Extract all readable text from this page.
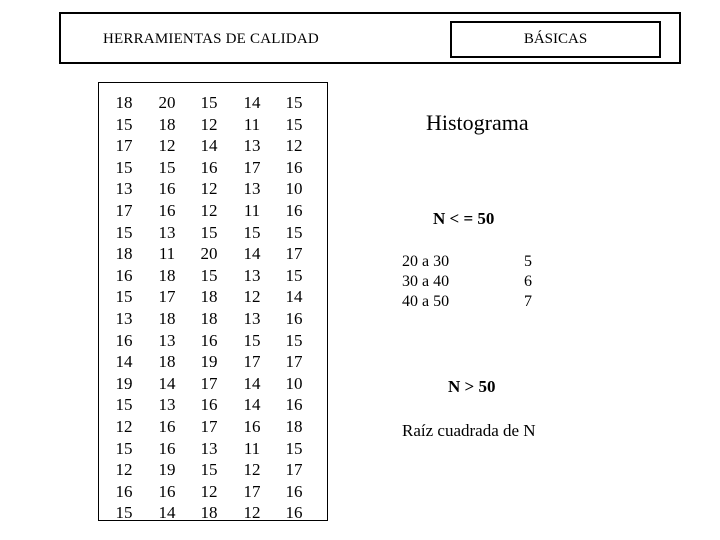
HERRAMIENTAS DE CALIDAD	BÁSICAS
18
15
17
15
13
17
15
18
16
15
13
16
14
19
15
12
15
12
16
15
20
18
12
15
16
16
13
11
18
17
18
13
18
14
13
16
16
19
16
14
15
12
14
16
12
12
15
20
15
18
18
16
19
17
16
17
13
15
12
18
14
11
13
17
13
11
15
14
13
12
13
15
17
14
14
16
11
12
17
12
15
15
12
16
10
16
15
17
15
14
16
15
17
10
16
18
15
17
16
16
Histograma
N < = 50
20 a 30
30 a 40
40 a 50
5
6
7
N > 50
Raíz cuadrada de N
